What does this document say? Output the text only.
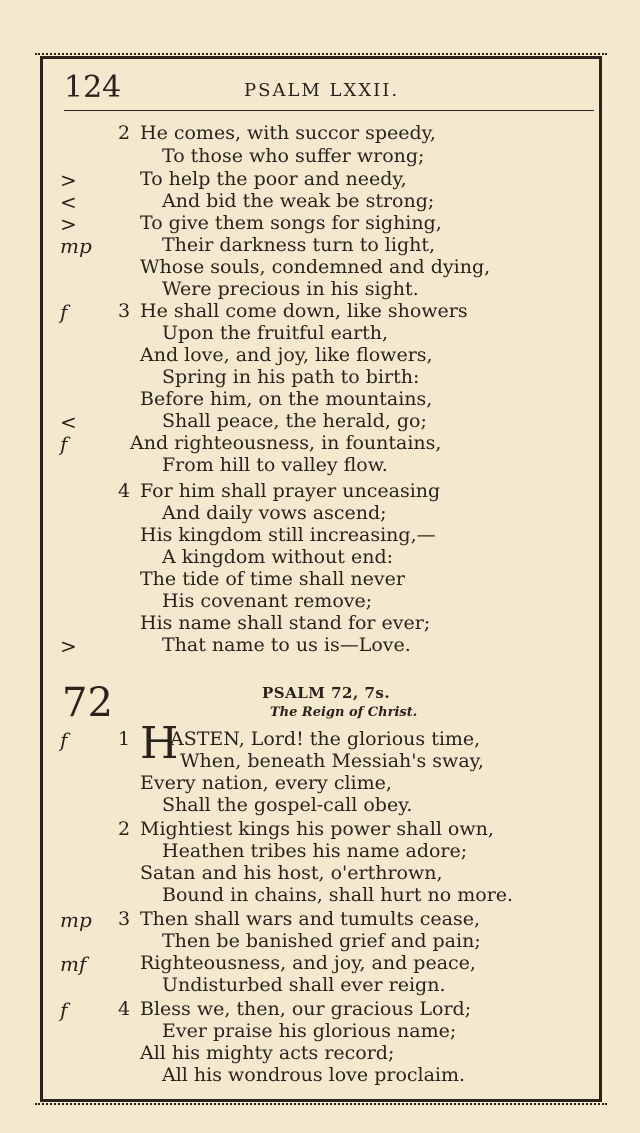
124	PSALM LXXII.
2 He comes, with succor speedy,
To those who suffer wrong;
To help the poor and needy,
And bid the weak be strong;
To give them songs for sighing,
Their darkness turn to light,
Whose souls, condemned and dying,
Were precious in his sight.
>
<
>
mp
3 He shall come down, like showers
Upon the fruitful earth,
And love, and joy, like flowers,
Spring in his path to birth:
Before him, on the mountains,
Shall peace, the herald, go;
And righteousness, in fountains,
From hill to valley flow.
f
<
f
4 For him shall prayer unceasing
And daily vows ascend;
His kingdom still increasing,—
A kingdom without end:
The tide of time shall never
His covenant remove;
His name shall stand for ever;
That name to us is—Love.
>
72	PSALM 72, 7s.
The Reign of Christ.
1 H
ASTEN, Lord! the glorious time,
When, beneath Messiah's sway,
Every nation, every clime,
Shall the gospel-call obey.
f
2 Mightiest kings his power shall own,
Heathen tribes his name adore;
Satan and his host, o'erthrown,
Bound in chains, shall hurt no more.
3 Then shall wars and tumults cease,
Then be banished grief and pain;
Righteousness, and joy, and peace,
Undisturbed shall ever reign.
mp
mf
4 Bless we, then, our gracious Lord;
Ever praise his glorious name;
All his mighty acts record;
All his wondrous love proclaim.
f
